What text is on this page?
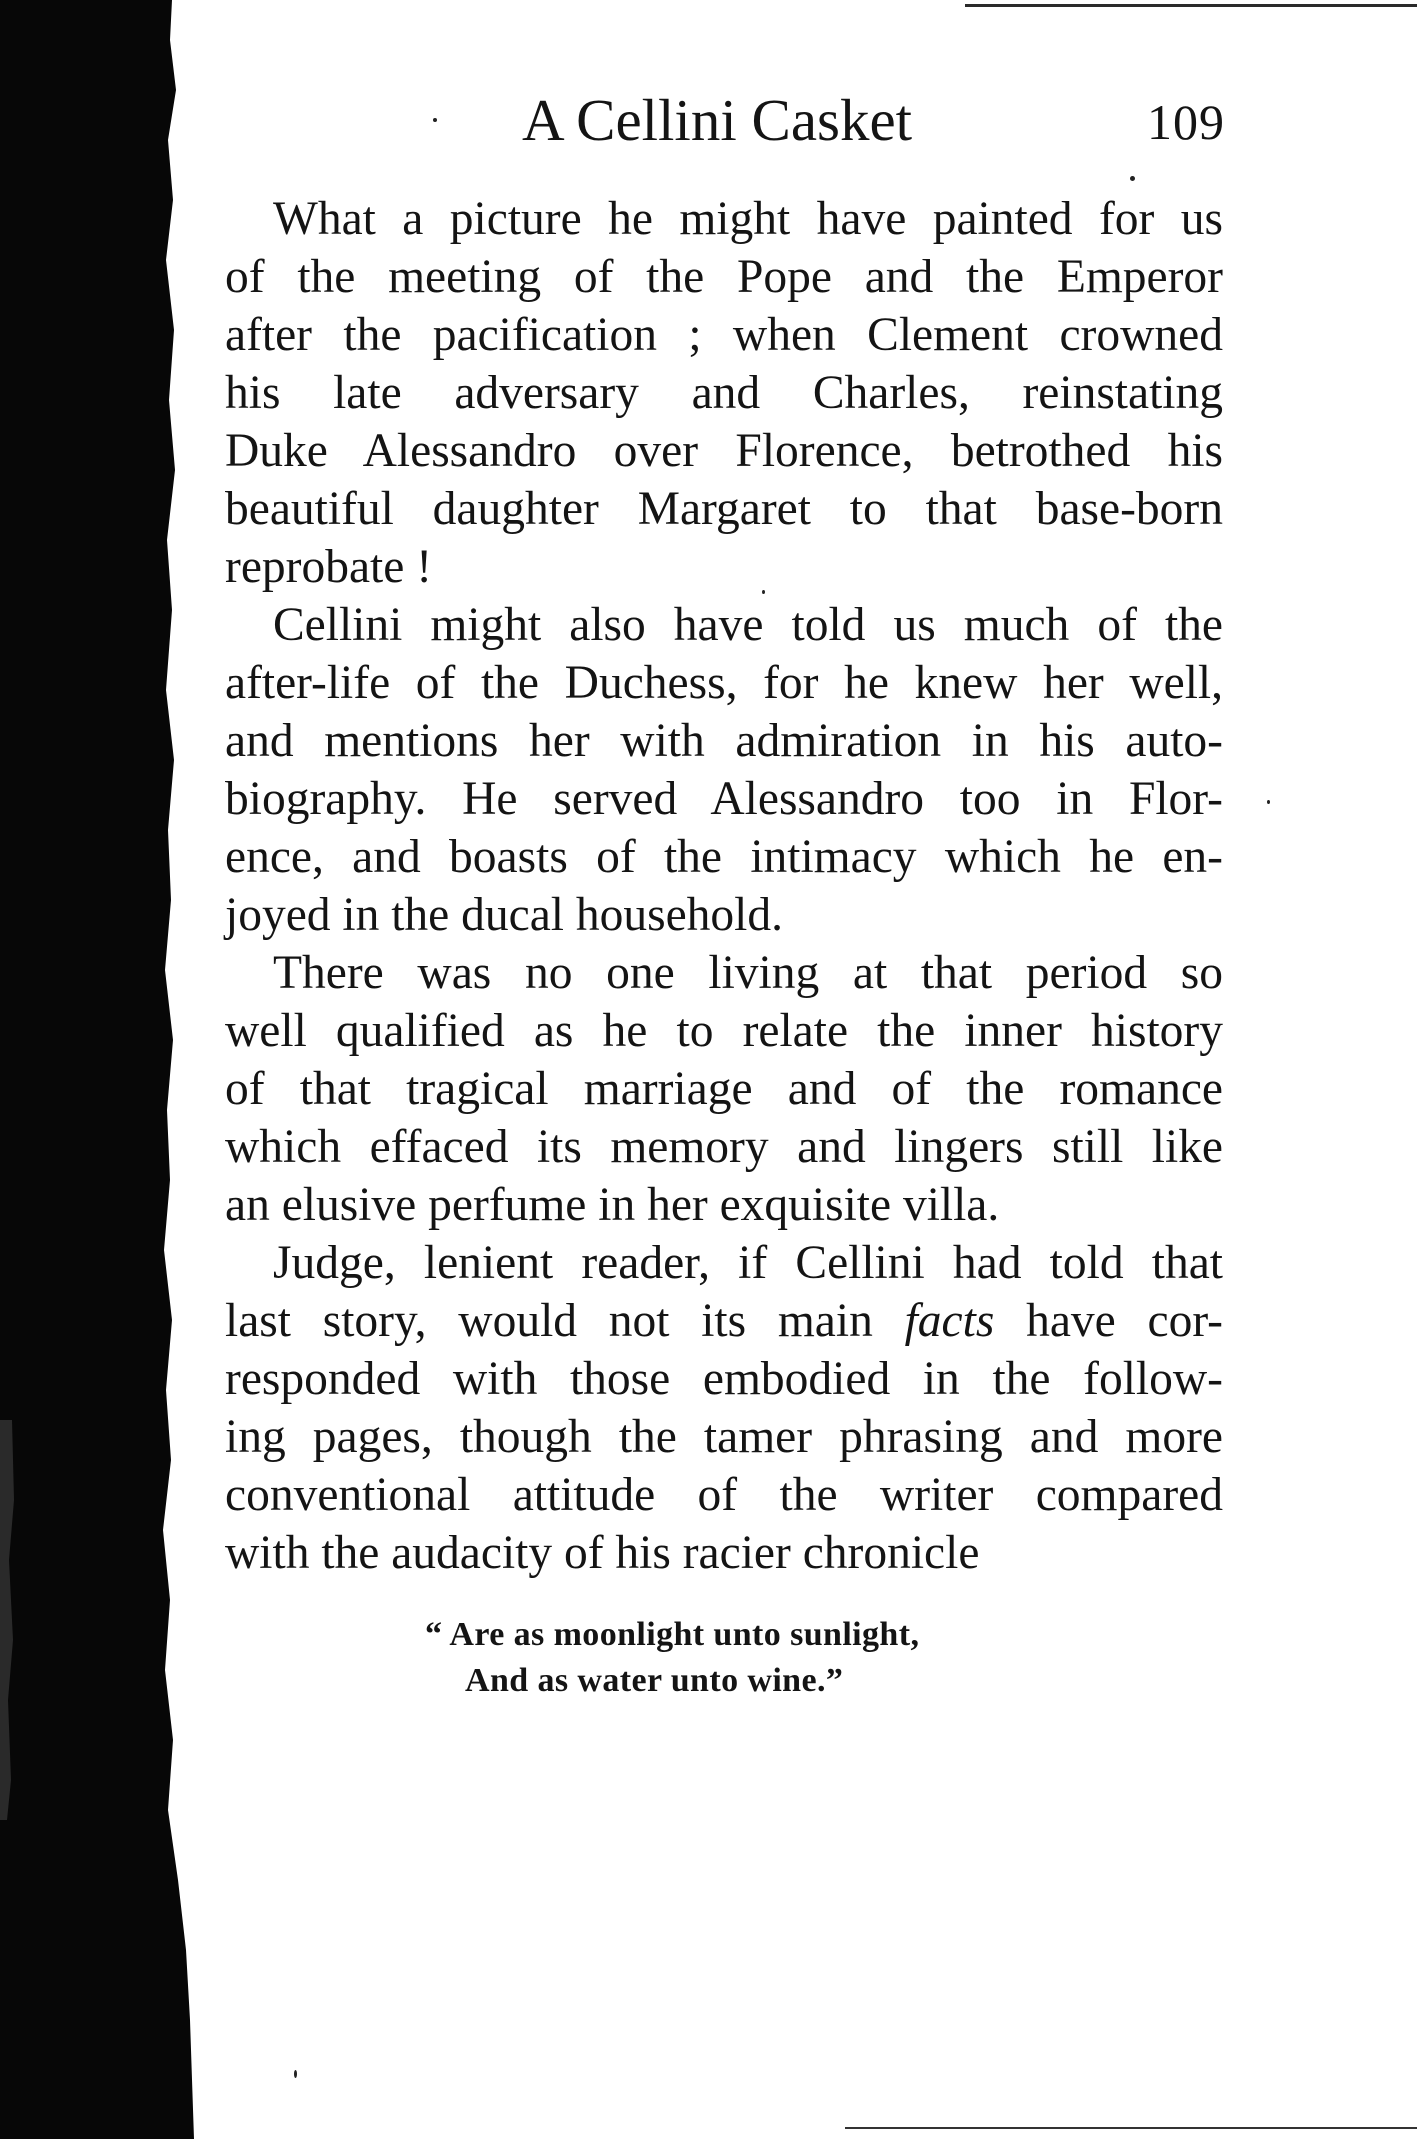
A Cellini Casket	109
What a picture he might have painted for us
of the meeting of the Pope and the Emperor
after the pacification ; when Clement crowned
his late adversary and Charles, reinstating
Duke Alessandro over Florence, betrothed his
beautiful daughter Margaret to that base-born
reprobate !
Cellini might also have told us much of the
after-life of the Duchess, for he knew her well,
and mentions her with admiration in his auto-
biography. He served Alessandro too in Flor-
ence, and boasts of the intimacy which he en-
joyed in the ducal household.
There was no one living at that period so
well qualified as he to relate the inner history
of that tragical marriage and of the romance
which effaced its memory and lingers still like
an elusive perfume in her exquisite villa.
Judge, lenient reader, if Cellini had told that
last story, would not its main facts have cor-
responded with those embodied in the follow-
ing pages, though the tamer phrasing and more
conventional attitude of the writer compared
with the audacity of his racier chronicle
“ Are as moonlight unto sunlight,
And as water unto wine.”
